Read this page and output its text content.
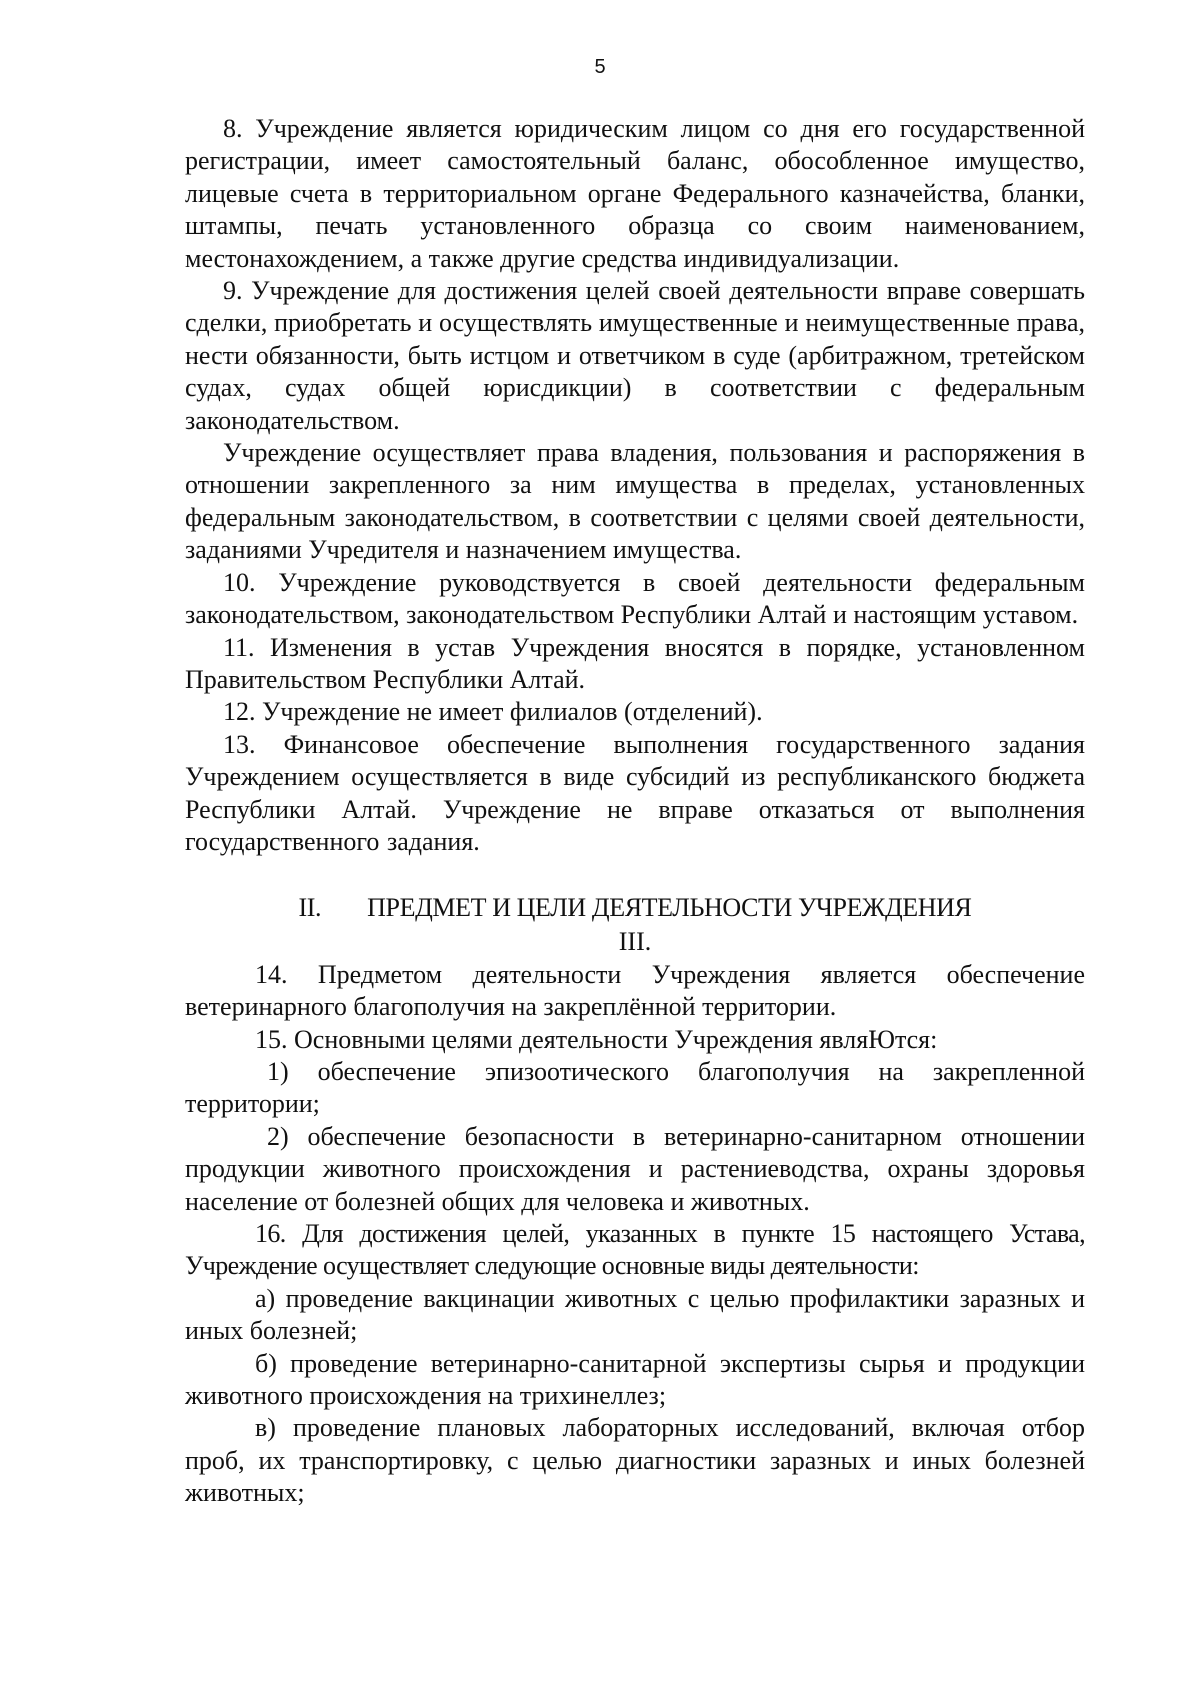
5

8. Учреждение является юридическим лицом со дня его государственной регистрации, имеет самостоятельный баланс, обособленное имущество, лицевые счета в территориальном органе Федерального казначейства, бланки, штампы, печать установленного образца со своим наименованием, местонахождением, а также другие средства индивидуализации.

9. Учреждение для достижения целей своей деятельности вправе совершать сделки, приобретать и осуществлять имущественные и неимущественные права, нести обязанности, быть истцом и ответчиком в суде (арбитражном, третейском судах, судах общей юрисдикции) в соответствии с федеральным законодательством.

Учреждение осуществляет права владения, пользования и распоряжения в отношении закрепленного за ним имущества в пределах, установленных федеральным законодательством, в соответствии с целями своей деятельности, заданиями Учредителя и назначением имущества.

10. Учреждение руководствуется в своей деятельности федеральным законодательством, законодательством Республики Алтай и настоящим уставом.

11. Изменения в устав Учреждения вносятся в порядке, установленном Правительством Республики Алтай.

12. Учреждение не имеет филиалов (отделений).

13. Финансовое обеспечение выполнения государственного задания Учреждением осуществляется в виде субсидий из республиканского бюджета Республики Алтай. Учреждение не вправе отказаться от выполнения государственного задания.

II. ПРЕДМЕТ И ЦЕЛИ ДЕЯТЕЛЬНОСТИ УЧРЕЖДЕНИЯ

III.

14. Предметом деятельности Учреждения является обеспечение ветеринарного благополучия на закреплённой территории.

15. Основными целями деятельности Учреждения являЮтся:

1) обеспечение эпизоотического благополучия на закрепленной территории;

2) обеспечение безопасности в ветеринарно-санитарном отношении продукции животного происхождения и растениеводства, охраны здоровья население от болезней общих для человека и животных.

16. Для достижения целей, указанных в пункте 15 настоящего Устава, Учреждение осуществляет следующие основные виды деятельности:

а) проведение вакцинации животных с целью профилактики заразных и иных болезней;

б) проведение ветеринарно-санитарной экспертизы сырья и продукции животного происхождения на трихинеллез;

в) проведение плановых лабораторных исследований, включая отбор проб, их транспортировку, с целью диагностики заразных и иных болезней животных;
